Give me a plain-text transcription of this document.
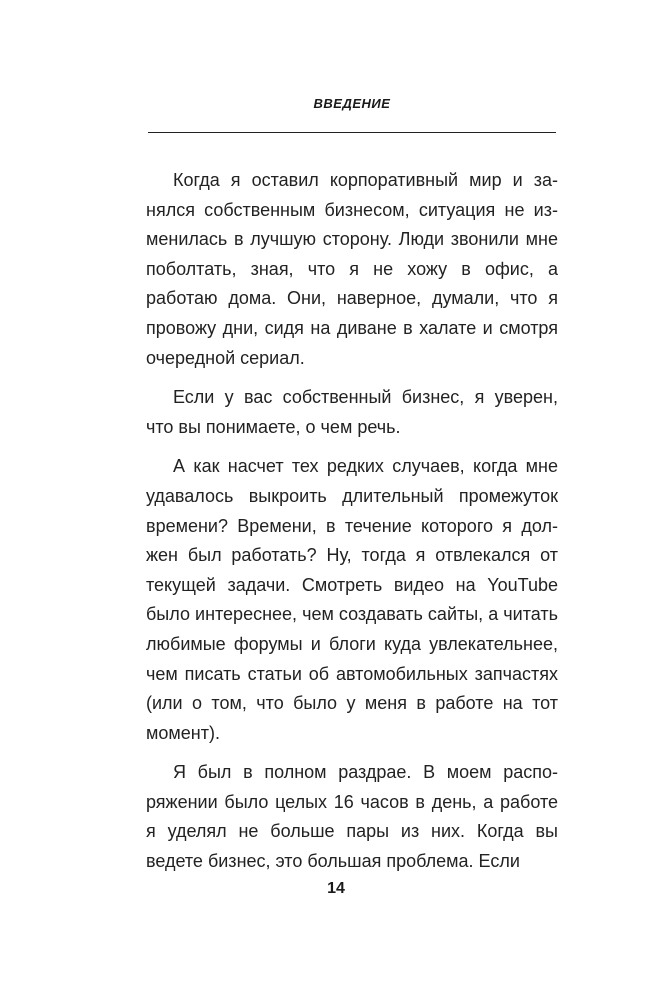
ВВЕДЕНИЕ

Когда я оставил корпоративный мир и занялся собственным бизнесом, ситуация не изменилась в лучшую сторону. Люди звонили мне поболтать, зная, что я не хожу в офис, а работаю дома. Они, наверное, думали, что я провожу дни, сидя на диване в халате и смотря очередной сериал.

Если у вас собственный бизнес, я уверен, что вы понимаете, о чем речь.

А как насчет тех редких случаев, когда мне удавалось выкроить длительный промежуток времени? Времени, в течение которого я должен был работать? Ну, тогда я отвлекался от текущей задачи. Смотреть видео на YouTube было интереснее, чем создавать сайты, а читать любимые форумы и блоги куда увлекательнее, чем писать статьи об автомобильных запчастях (или о том, что было у меня в работе на тот момент).

Я был в полном раздрае. В моем распоряжении было целых 16 часов в день, а работе я уделял не больше пары из них. Когда вы ведете бизнес, это большая проблема. Если

14
